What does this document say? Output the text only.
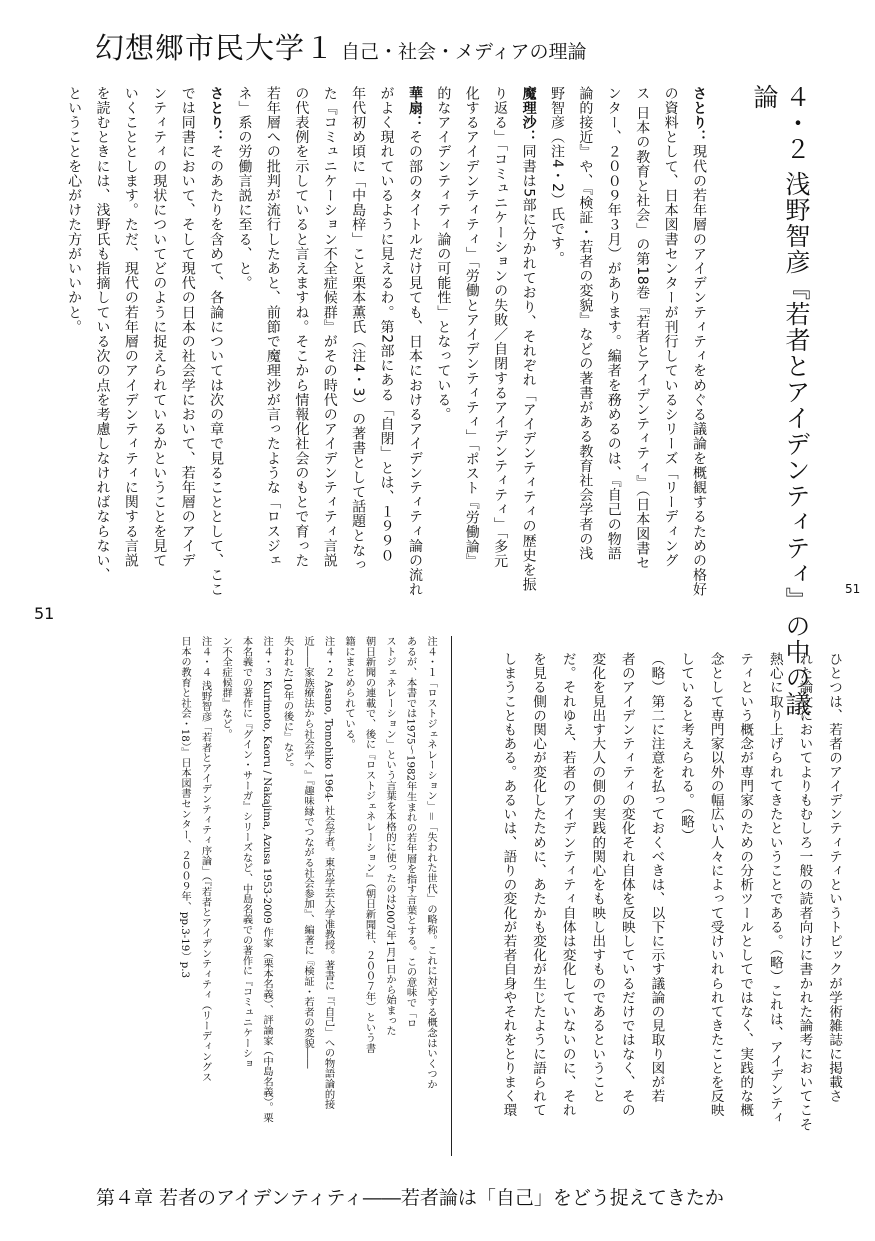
幻想郷市民大学１ 自己・社会・メディアの理論
４・２ 浅野智彦『若者とアイデンティティ』の中の議
論
さとり：現代の若年層のアイデンティティをめぐる議論を概観するための格好
の資料として、日本図書センターが刊行しているシリーズ「リーディング
ス 日本の教育と社会」の第18巻『若者とアイデンティティ』（日本図書セ
ンター、２００９年３月）があります。編者を務めるのは、『自己の物語
論的接近』や、『検証・若者の変貌』などの著書がある教育社会学者の浅
野智彦（注4・2）氏です。
魔理沙：同書は5部に分かれており、それぞれ「アイデンティティの歴史を振
り返る」「コミュニケーションの失敗／自閉するアイデンティティ」「多元
化するアイデンティティ」「労働とアイデンティティ」「ポスト『労働論』
的なアイデンティティ論の可能性」となっている。
華扇：その部のタイトルだけ見ても、日本におけるアイデンティティ論の流れ
がよく現れているように見えるわ。第2部にある「自閉」とは、１９９０
年代初め頃に「中島梓」こと栗本薫氏（注4・3）の著書として話題となっ
た『コミュニケーション不全症候群』がその時代のアイデンティティ言説
の代表例を示していると言えますね。そこから情報化社会のもとで育った
若年層への批判が流行したあと、前節で魔理沙が言ったような「ロスジェ
ネ」系の労働言説に至る、と。
さとり：そのあたりを含めて、各論については次の章で見ることとして、ここ
では同書において、そして現代の日本の社会学において、若年層のアイデ
ンティティの現状についてどのように捉えられているかということを見て
いくこととします。ただ、現代の若年層のアイデンティティに関する言説
を読むときには、浅野氏も指摘している次の点を考慮しなければならない、
ということを心がけた方がいいかと。
51
51
ひとつは、若者のアイデンティティというトピックが学術雑誌に掲載さ
れた論文においてよりもむしろ一般の読者向けに書かれた論考においてこそ
熱心に取り上げられてきたということである。（略）これは、アイデンティ
ティという概念が専門家のための分析ツールとしてではなく、実践的な概
念として専門家以外の幅広い人々によって受けいれられてきたことを反映
していると考えられる。（略）
（略）第二に注意を払っておくべきは、以下に示す議論の見取り図が若
者のアイデンティティの変化それ自体を反映しているだけではなく、その
変化を見出す大人の側の実践的関心をも映し出すものであるということ
だ。それゆえ、若者のアイデンティティ自体は変化していないのに、それ
を見る側の関心が変化したために、あたかも変化が生じたように語られて
しまうこともある。あるいは、語りの変化が若者自身やそれをとりまく環
注４・１「ロストジェネレーション」＝「失われた世代」の略称。これに対応する概念はいくつか
あるが、本書では1975〜1982年生まれの若年層を指す言葉とする。この意味で「ロ
ストジェネレーション」という言葉を本格的に使ったのは2007年1月1日から始まった
朝日新聞の連載で、後に『ロストジェネレーション』（朝日新聞社、２００７年）という書
籍にまとめられている。
注４・２ Asano, Tomohiko 1964- 社会学者。東京学芸大学准教授。著書に『「自己」への物語論的接
近――家族療法から社会学へ』『趣味縁でつながる社会参加』、編著に『検証・若者の変貌――
失われた10年の後に』など。
注４・３ Kurimoto, Kaoru / Nakajima, Azusa 1953-2009 作家（栗本名義）、評論家（中島名義）。栗
本名義での著作に『グイン・サーガ』シリーズなど、中島名義での著作に『コミュニケーショ
ン不全症候群』など。
注４・４ 浅野智彦「若者とアイデンティティ序論」（『若者とアイデンティティ（リーディングス
日本の教育と社会・18）』日本図書センター、２００９年、pp.3-19）p.3
第４章 若者のアイデンティティ――若者論は「自己」をどう捉えてきたか
